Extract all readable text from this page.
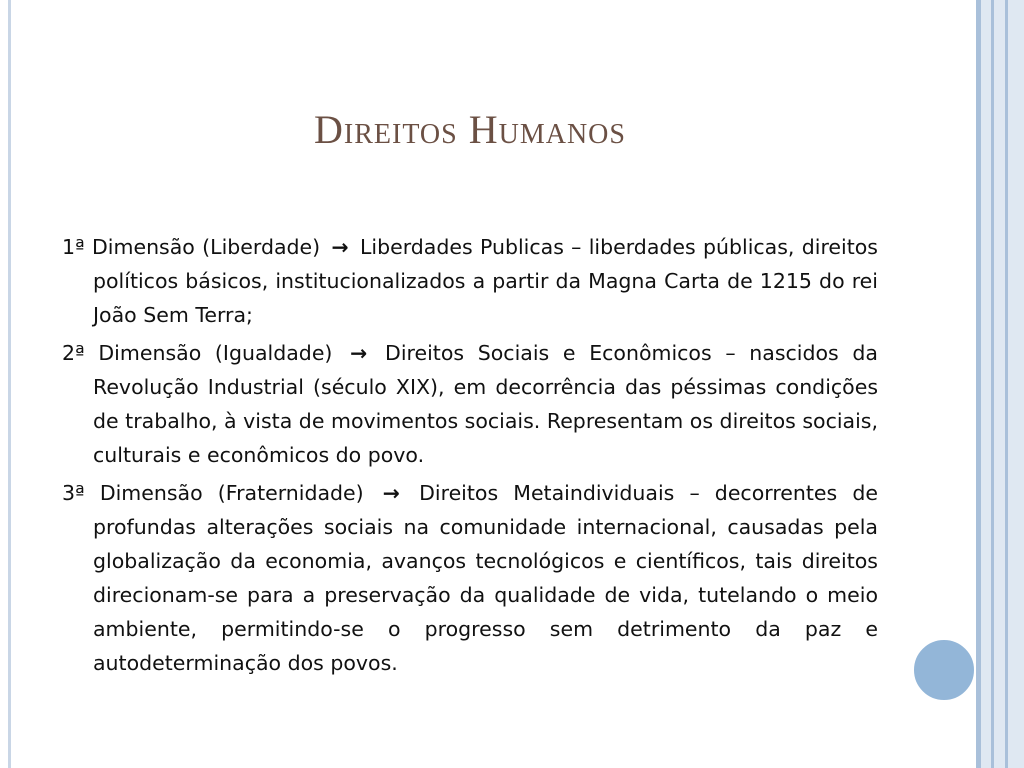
Direitos Humanos

1ª Dimensão (Liberdade) → Liberdades Publicas – liberdades públicas, direitos políticos básicos, institucionalizados a partir da Magna Carta de 1215 do rei João Sem Terra;

2ª Dimensão (Igualdade) → Direitos Sociais e Econômicos – nascidos da Revolução Industrial (século XIX), em decorrência das péssimas condições de trabalho, à vista de movimentos sociais. Representam os direitos sociais, culturais e econômicos do povo.

3ª Dimensão (Fraternidade) → Direitos Metaindividuais – decorrentes de profundas alterações sociais na comunidade internacional, causadas pela globalização da economia, avanços tecnológicos e científicos, tais direitos direcionam-se para a preservação da qualidade de vida, tutelando o meio ambiente, permitindo-se o progresso sem detrimento da paz e autodeterminação dos povos.
